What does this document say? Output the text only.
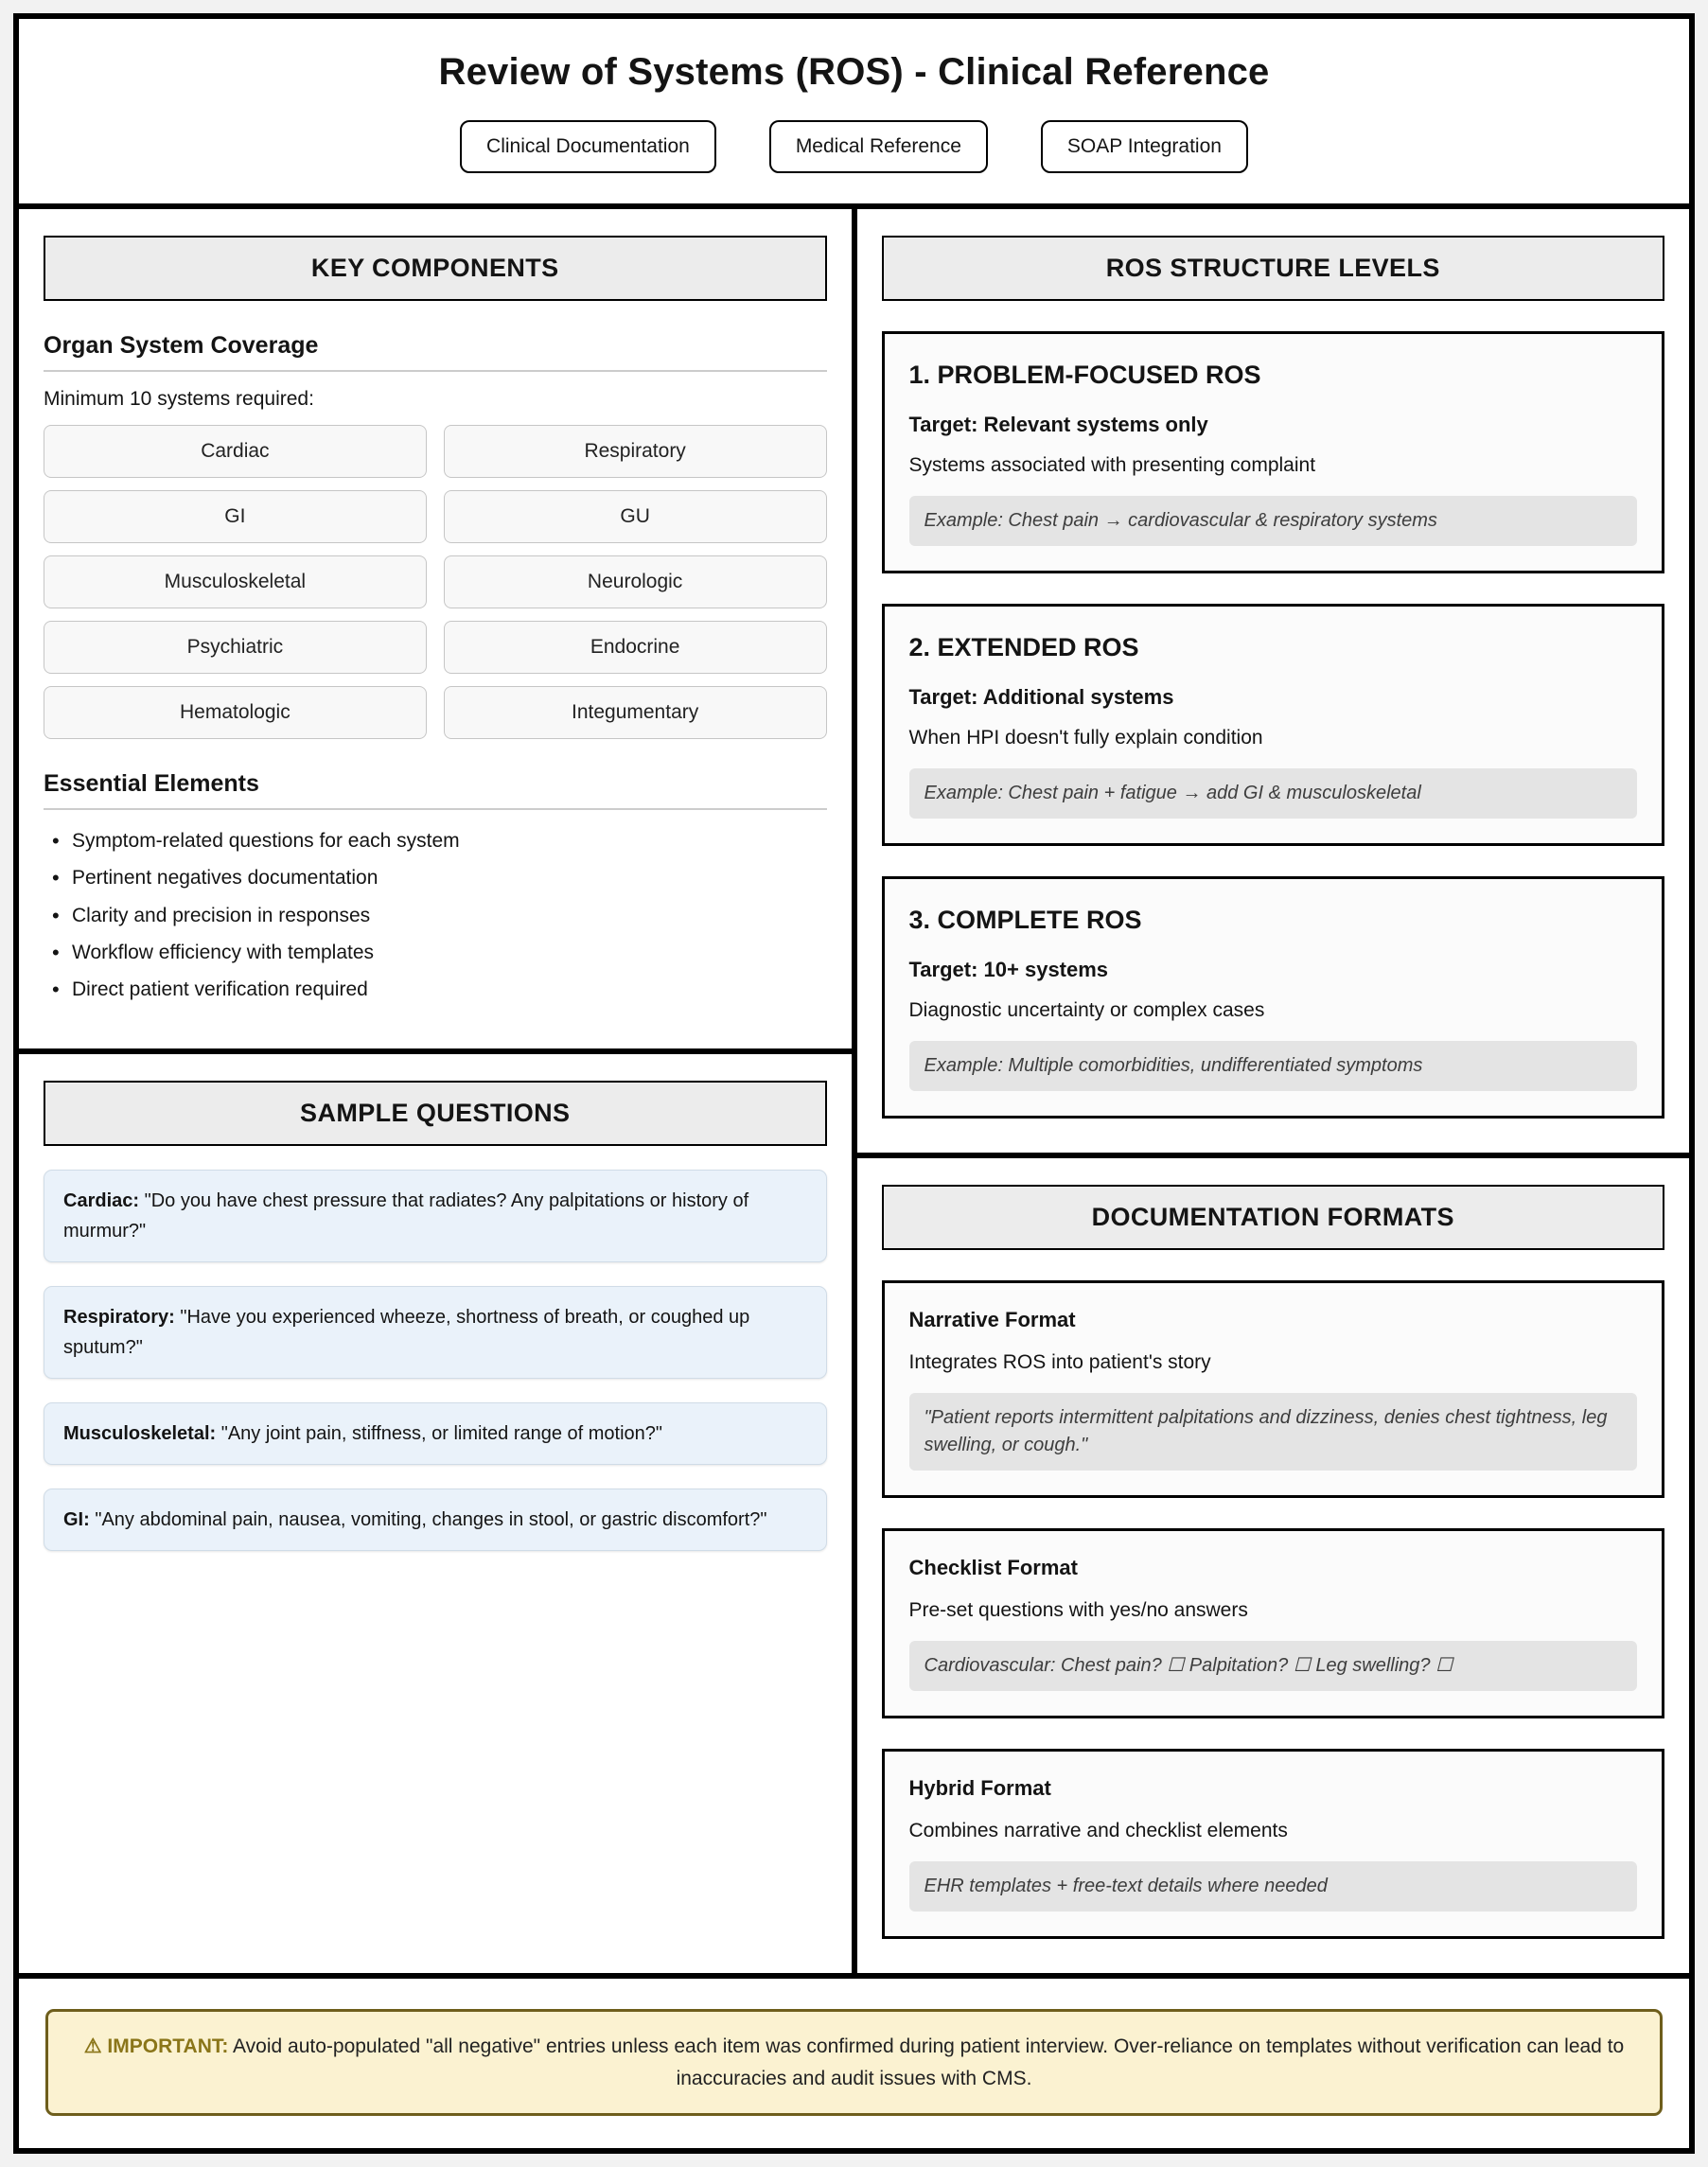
Review of Systems (ROS) - Clinical Reference
Clinical Documentation	Medical Reference	SOAP Integration
KEY COMPONENTS
Organ System Coverage
Minimum 10 systems required:
Cardiac	Respiratory
GI	GU
Musculoskeletal	Neurologic
Psychiatric	Endocrine
Hematologic	Integumentary
Essential Elements
• Symptom-related questions for each system
• Pertinent negatives documentation
• Clarity and precision in responses
• Workflow efficiency with templates
• Direct patient verification required
SAMPLE QUESTIONS
Cardiac: "Do you have chest pressure that radiates? Any palpitations or history of murmur?"
Respiratory: "Have you experienced wheeze, shortness of breath, or coughed up sputum?"
Musculoskeletal: "Any joint pain, stiffness, or limited range of motion?"
GI: "Any abdominal pain, nausea, vomiting, changes in stool, or gastric discomfort?"
ROS STRUCTURE LEVELS
1. PROBLEM-FOCUSED ROS
Target: Relevant systems only
Systems associated with presenting complaint
Example: Chest pain → cardiovascular & respiratory systems
2. EXTENDED ROS
Target: Additional systems
When HPI doesn't fully explain condition
Example: Chest pain + fatigue → add GI & musculoskeletal
3. COMPLETE ROS
Target: 10+ systems
Diagnostic uncertainty or complex cases
Example: Multiple comorbidities, undifferentiated symptoms
DOCUMENTATION FORMATS
Narrative Format
Integrates ROS into patient's story
"Patient reports intermittent palpitations and dizziness, denies chest tightness, leg swelling, or cough."
Checklist Format
Pre-set questions with yes/no answers
Cardiovascular: Chest pain? ☐ Palpitation? ☐ Leg swelling? ☐
Hybrid Format
Combines narrative and checklist elements
EHR templates + free-text details where needed
⚠ IMPORTANT: Avoid auto-populated "all negative" entries unless each item was confirmed during patient interview. Over-reliance on templates without verification can lead to inaccuracies and audit issues with CMS.
